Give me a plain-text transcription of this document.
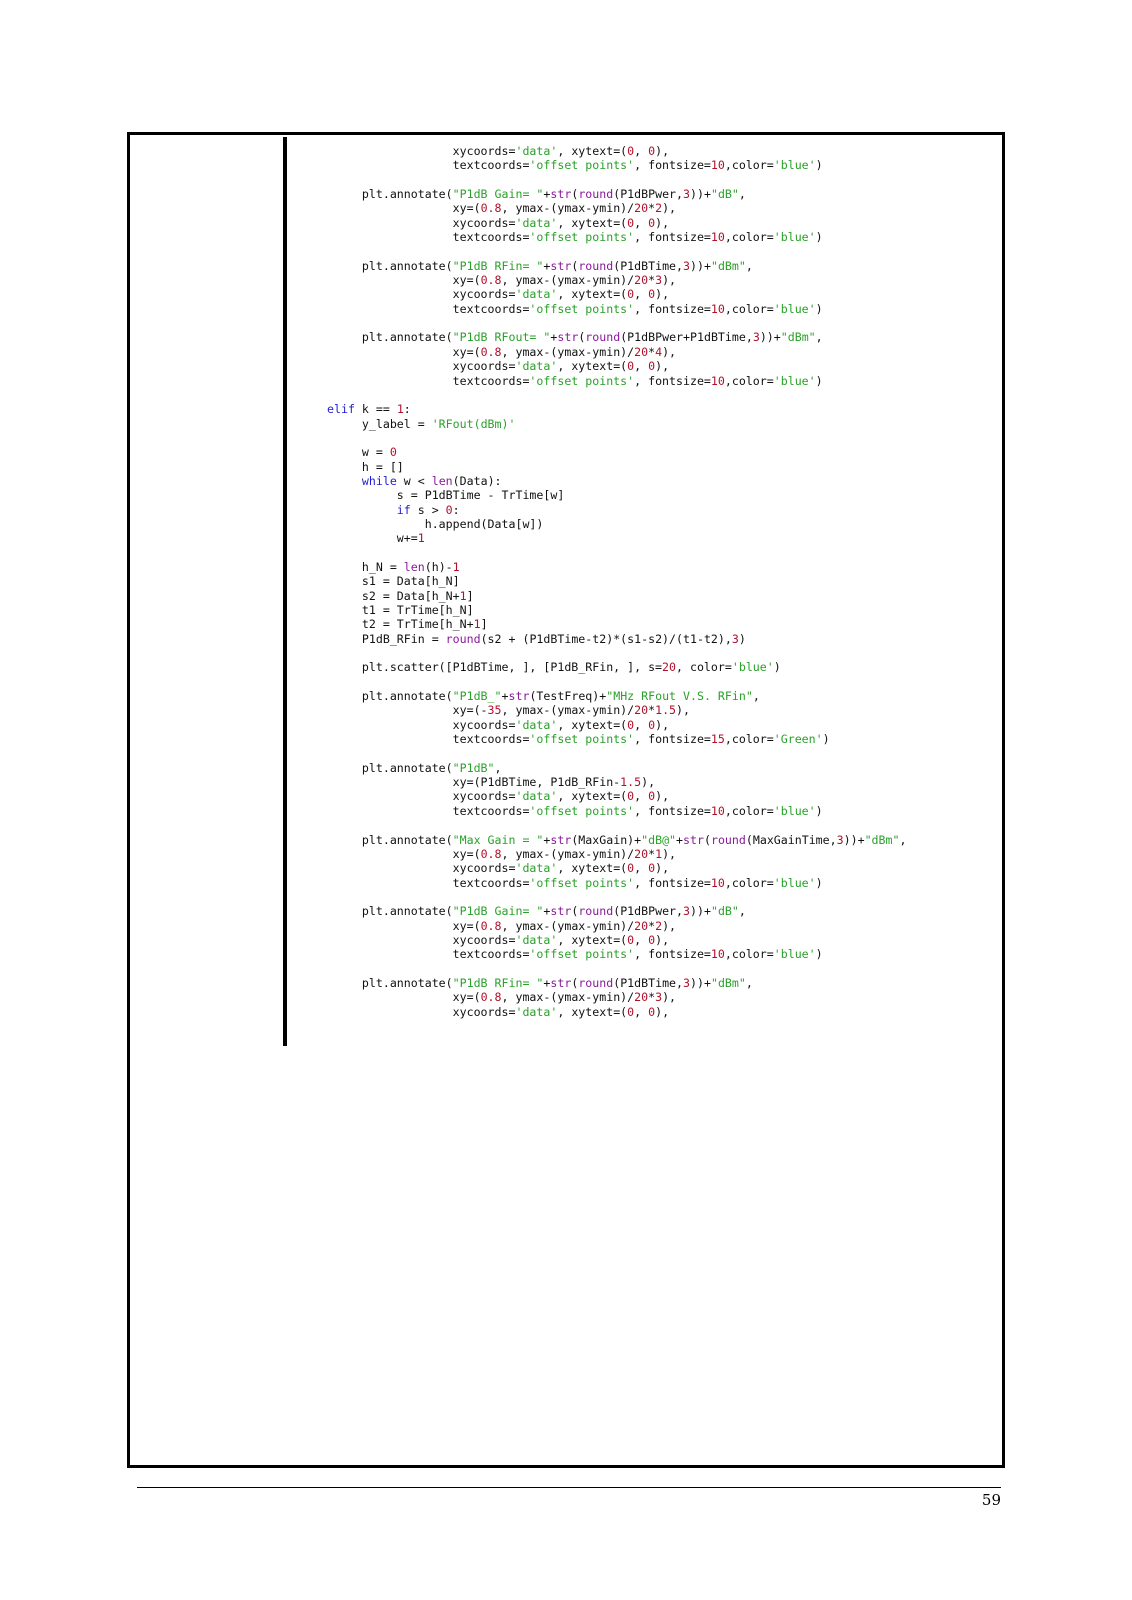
xycoords='data', xytext=(0, 0),
textcoords='offset points', fontsize=10,color='blue')
plt.annotate("P1dB Gain= "+str(round(P1dBPwer,3))+"dB",
xy=(0.8, ymax-(ymax-ymin)/20*2),
xycoords='data', xytext=(0, 0),
textcoords='offset points', fontsize=10,color='blue')
plt.annotate("P1dB RFin= "+str(round(P1dBTime,3))+"dBm",
xy=(0.8, ymax-(ymax-ymin)/20*3),
xycoords='data', xytext=(0, 0),
textcoords='offset points', fontsize=10,color='blue')
plt.annotate("P1dB RFout= "+str(round(P1dBPwer+P1dBTime,3))+"dBm",
xy=(0.8, ymax-(ymax-ymin)/20*4),
xycoords='data', xytext=(0, 0),
textcoords='offset points', fontsize=10,color='blue')
elif k == 1:
y_label = 'RFout(dBm)'
w = 0
h = []
while w < len(Data):
s = P1dBTime - TrTime[w]
if s > 0:
h.append(Data[w])
w+=1
h_N = len(h)-1
s1 = Data[h_N]
s2 = Data[h_N+1]
t1 = TrTime[h_N]
t2 = TrTime[h_N+1]
P1dB_RFin = round(s2 + (P1dBTime-t2)*(s1-s2)/(t1-t2),3)
plt.scatter([P1dBTime, ], [P1dB_RFin, ], s=20, color='blue')
plt.annotate("P1dB_"+str(TestFreq)+"MHz RFout V.S. RFin",
xy=(-35, ymax-(ymax-ymin)/20*1.5),
xycoords='data', xytext=(0, 0),
textcoords='offset points', fontsize=15,color='Green')
plt.annotate("P1dB",
xy=(P1dBTime, P1dB_RFin-1.5),
xycoords='data', xytext=(0, 0),
textcoords='offset points', fontsize=10,color='blue')
plt.annotate("Max Gain = "+str(MaxGain)+"dB@"+str(round(MaxGainTime,3))+"dBm",
xy=(0.8, ymax-(ymax-ymin)/20*1),
xycoords='data', xytext=(0, 0),
textcoords='offset points', fontsize=10,color='blue')
plt.annotate("P1dB Gain= "+str(round(P1dBPwer,3))+"dB",
xy=(0.8, ymax-(ymax-ymin)/20*2),
xycoords='data', xytext=(0, 0),
textcoords='offset points', fontsize=10,color='blue')
plt.annotate("P1dB RFin= "+str(round(P1dBTime,3))+"dBm",
xy=(0.8, ymax-(ymax-ymin)/20*3),
xycoords='data', xytext=(0, 0),
59
